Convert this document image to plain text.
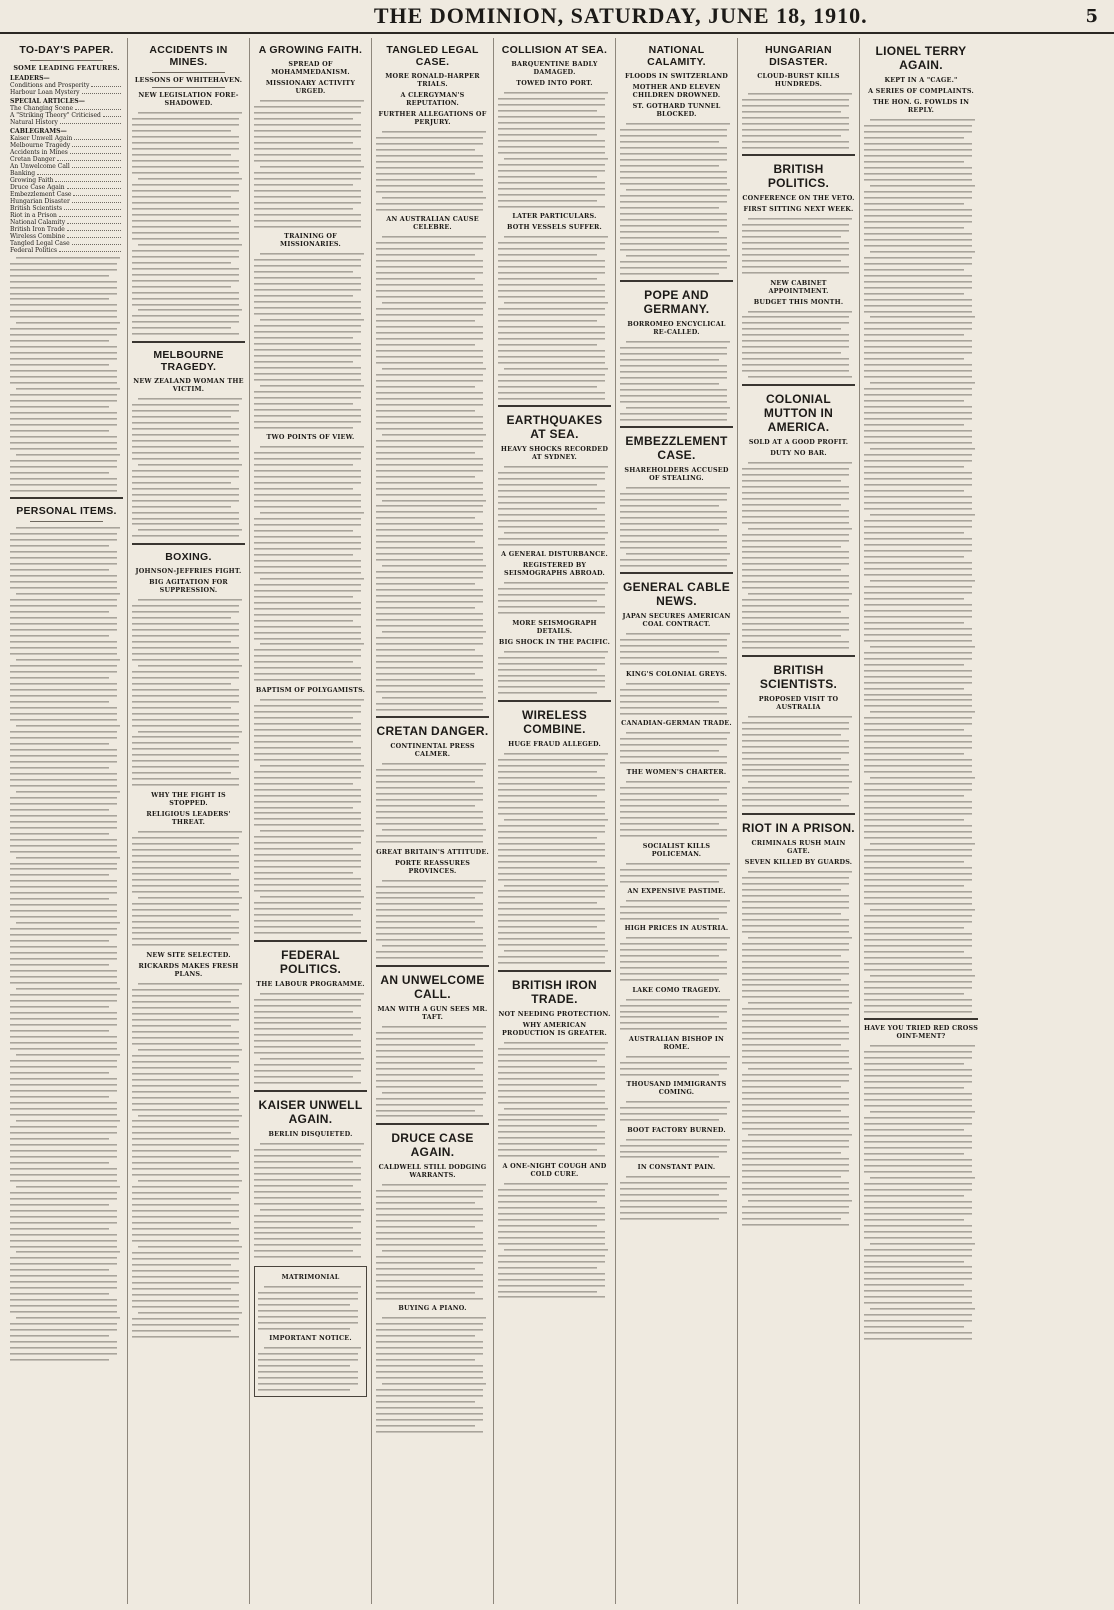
THE DOMINION, SATURDAY, JUNE 18, 1910.	5
TO-DAY'S PAPER.
SOME LEADING FEATURES.
LEADERS—
Conditions and Prosperity
Harbour Loan Mystery
SPECIAL ARTICLES—
The Changing Scene
A "Striking Theory" Criticised
Natural History
CABLEGRAMS—
Kaiser Unwell Again
Melbourne Tragedy
Accidents in Mines
Cretan Danger
An Unwelcome Call
Banking
Growing Faith
Druce Case Again
Embezzlement Case
Hungarian Disaster
British Scientists
Riot in a Prison
National Calamity
British Iron Trade
Wireless Combine
Tangled Legal Case
Federal Politics
PERSONAL ITEMS.
ACCIDENTS IN MINES.
LESSONS OF WHITEHAVEN.
NEW LEGISLATION FORE-SHADOWED.
MELBOURNE TRAGEDY.
NEW ZEALAND WOMAN THE VICTIM.
BOXING.
JOHNSON-JEFFRIES FIGHT.
BIG AGITATION FOR SUPPRESSION.
WHY THE FIGHT IS STOPPED.
RELIGIOUS LEADERS' THREAT.
NEW SITE SELECTED.
RICKARDS MAKES FRESH PLANS.
A GROWING FAITH.
SPREAD OF MOHAMMEDANISM.
MISSIONARY ACTIVITY URGED.
TRAINING OF MISSIONARIES.
TWO POINTS OF VIEW.
BAPTISM OF POLYGAMISTS.
FEDERAL POLITICS.
THE LABOUR PROGRAMME.
KAISER UNWELL AGAIN.
BERLIN DISQUIETED.
MATRIMONIAL
IMPORTANT NOTICE.
TANGLED LEGAL CASE.
MORE RONALD-HARPER TRIALS.
A CLERGYMAN'S REPUTATION.
FURTHER ALLEGATIONS OF PERJURY.
AN AUSTRALIAN CAUSE CELEBRE.
CRETAN DANGER.
CONTINENTAL PRESS CALMER.
GREAT BRITAIN'S ATTITUDE.
PORTE REASSURES PROVINCES.
AN UNWELCOME CALL.
MAN WITH A GUN SEES MR. TAFT.
DRUCE CASE AGAIN.
CALDWELL STILL DODGING WARRANTS.
BUYING A PIANO.
COLLISION AT SEA.
BARQUENTINE BADLY DAMAGED.
TOWED INTO PORT.
LATER PARTICULARS.
BOTH VESSELS SUFFER.
EARTHQUAKES AT SEA.
HEAVY SHOCKS RECORDED AT SYDNEY.
A GENERAL DISTURBANCE.
REGISTERED BY SEISMOGRAPHS ABROAD.
MORE SEISMOGRAPH DETAILS.
BIG SHOCK IN THE PACIFIC.
WIRELESS COMBINE.
HUGE FRAUD ALLEGED.
BRITISH IRON TRADE.
NOT NEEDING PROTECTION.
WHY AMERICAN PRODUCTION IS GREATER.
A ONE-NIGHT COUGH AND COLD CURE.
NATIONAL CALAMITY.
FLOODS IN SWITZERLAND
MOTHER AND ELEVEN CHILDREN DROWNED.
ST. GOTHARD TUNNEL BLOCKED.
POPE AND GERMANY.
BORROMEO ENCYCLICAL RE-CALLED.
EMBEZZLEMENT CASE.
SHAREHOLDERS ACCUSED OF STEALING.
GENERAL CABLE NEWS.
JAPAN SECURES AMERICAN COAL CONTRACT.
KING'S COLONIAL GREYS.
CANADIAN-GERMAN TRADE.
THE WOMEN'S CHARTER.
SOCIALIST KILLS POLICEMAN.
AN EXPENSIVE PASTIME.
HIGH PRICES IN AUSTRIA.
LAKE COMO TRAGEDY.
AUSTRALIAN BISHOP IN ROME.
THOUSAND IMMIGRANTS COMING.
BOOT FACTORY BURNED.
IN CONSTANT PAIN.
HUNGARIAN DISASTER.
CLOUD-BURST KILLS HUNDREDS.
BRITISH POLITICS.
CONFERENCE ON THE VETO.
FIRST SITTING NEXT WEEK.
NEW CABINET APPOINTMENT.
BUDGET THIS MONTH.
COLONIAL MUTTON IN AMERICA.
SOLD AT A GOOD PROFIT.
DUTY NO BAR.
BRITISH SCIENTISTS.
PROPOSED VISIT TO AUSTRALIA
RIOT IN A PRISON.
CRIMINALS RUSH MAIN GATE.
SEVEN KILLED BY GUARDS.
LIONEL TERRY AGAIN.
KEPT IN A "CAGE."
A SERIES OF COMPLAINTS.
THE HON. G. FOWLDS IN REPLY.
HAVE YOU TRIED RED CROSS OINT-MENT?
